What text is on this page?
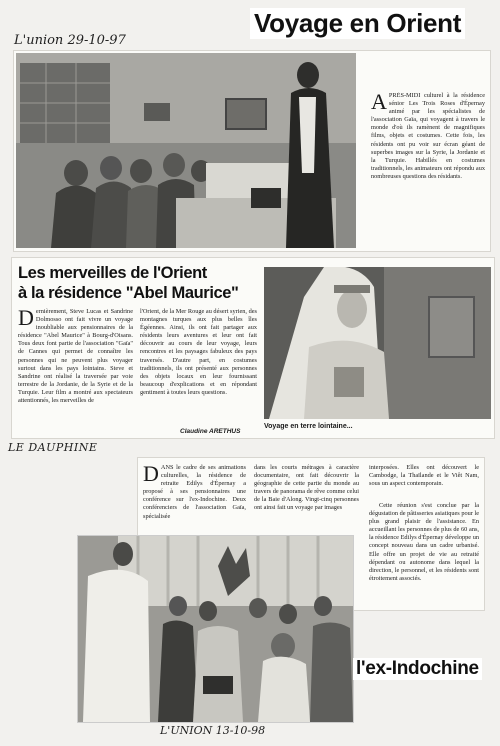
L'union 29-10-97
Voyage en Orient
APRÈS-MIDI culturel à la résidence sénior Les Trois Roses d'Épernay animé par les spécialistes de l'association Gaïa, qui voyagent à travers le monde d'où ils ramènent de magnifiques films, objets et costumes. Cette fois, les résidents ont pu voir sur écran géant de superbes images sur la Syrie, la Jordanie et la Turquie. Habillés en costumes traditionnels, les animateurs ont répondu aux nombreuses questions des résidants.
Les merveilles de l'Orient
à la résidence "Abel Maurice"
Dernièrement, Steve Lucas et Sandrine Dolmosso ont fait vivre un voyage inoubliable aux pensionnaires de la résidence "Abel Maurice" à Bourg-d'Oisans. Tous deux font partie de l'association "Gaïa" de Cannes qui permet de connaître les personnes qui ne peuvent plus voyager surtout dans les pays lointains. Steve et Sandrine ont réalisé la traversée par voie terrestre de la Jordanie, de la Syrie et de la Turquie. Leur film a montré aux spectateurs attentionnés, les merveilles de
l'Orient, de la Mer Rouge au désert syrien, des montagnes turques aux plus belles îles Égéennes. Ainsi, ils ont fait partager aux résidents leurs aventures et leur ont fait découvrir au cours de leur voyage, leurs rencontres et les paysages fabuleux des pays traversés. D'autre part, en costumes traditionnels, ils ont présenté aux personnes des objets locaux en leur fournissant beaucoup d'explications et en répondant gentiment à toutes leurs questions.
Claudine ARETHUS
Voyage en terre lointaine...
LE DAUPHINE
DANS le cadre de ses animations culturelles, la résidence de retraite Edilys d'Épernay a proposé à ses pensionnaires une conférence sur l'ex-Indochine. Deux conférenciers de l'association Gaïa, spécialisée
dans les courts métrages à caractère documentaire, ont fait découvrir la géographie de cette partie du monde au travers de panorama de rêve comme celui de la Baie d'Along. Vingt-cinq personnes ont ainsi fait un voyage par images
interposées. Elles ont découvert le Cambodge, la Thaïlande et le Viêt Nam, sous un aspect contemporain.
Cette réunion s'est conclue par la dégustation de pâtisseries asiatiques pour le plus grand plaisir de l'assistance. En accueillant les personnes de plus de 60 ans, la résidence Edilys d'Épernay développe un concept nouveau dans un cadre urbanisé. Elle offre un projet de vie au retraité dépendant ou autonome dans lequel la direction, le personnel, et les résidents sont étroitement associés.
l'ex-Indochine
L'UNION 13-10-98
